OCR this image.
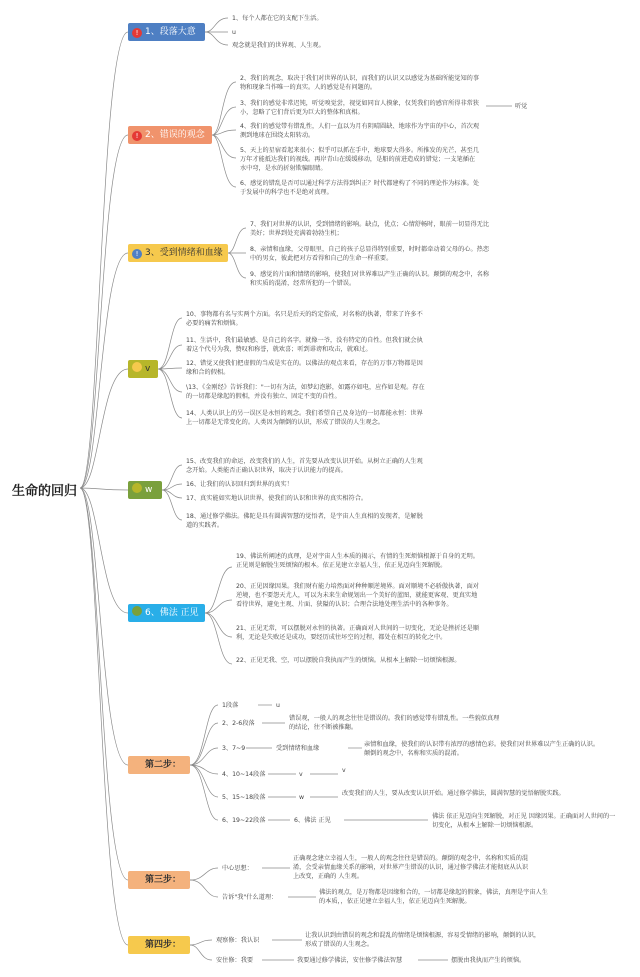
生命的回归
! 1、段落大意
1、每个人都在它的支配下生活。
u
观念就是我们的世界观、人生观。
! 2、错误的观念
2、我们的观念，取决于我们对世界的认识，而我们的认识又以感觉为基础所能觉知的事物和现象当作唯一的真实。人的感觉是有问题的。
3、我们的感觉非常迟钝，听觉嗅觉尝，视觉如同盲人摸象，仅凭我们的感官所得非常狭小，忽略了它们背后更为巨大的整体和真相。
4、我们的感觉带有错乱性，人们一直以为月有阴晴圆缺、地球作为宇宙的中心，首次观测到地球在围绕太阳转动。
5、天上的星宿看起来很小；似乎可以抓在手中，地球要大得多。所推发的光芒，甚至几万年才能抵达我们的视线。再岸青山在缓缓移动，是船的前进造成的错觉；一支笔插在水中弯，是水的折射欺骗眼睛。
6、感觉的错乱是否可以通过科学方法得到纠正？时代都建构了不同的理论作为标准。处于发展中的科学也不是绝对真理。
听觉
! 3、受到情绪和血缘
7、我们对世界的认识，受到情绪的影响。缺点，优点；心情舒畅时，眼前一切显得无比美好；世界到处充满着勃勃生机；
8、亲情和血缘，父母眼里，自己的孩子总显得特别重要，时时都牵动着父母的心。热恋中的男女，彼此把对方看得和自己的生命一样重要。
9、感觉的片面和情绪的影响，使我们对世界难以产生正确的认识。颠倒的观念中，名称和实质的混淆，经常所犯的一个错误。
v
10、事物都有名与实两个方面。名只是后天的约定俗成，对名称的执著，带来了许多不必要的痛苦和烦恼。
11、生活中，我们最敏感、是自己的名字。就像一爷，没有特定的自性。但我们就会执着这个代号为我，赞叹和称誉，就欢喜；听到诽谤和攻击，就难过。
12、错觉又使我们把虚假的当成是实在的。以佛法的观点来看，存在的万事万物都是因缘和合的假相。
\13、《金刚经》告诉我们："一切有为法，如梦幻泡影，如露亦如电，应作如是观。存在的一切都是缘起的假相，并没有独立、固定不变的自性。
14、人类认识上的另一误区是永恒的观念。我们希望自己及身边的一切都能永恒：世界上一切都是无常变化的。人类因为颠倒的认识，形成了错误的人生观念。
w
15、改变我们的命运，改变我们的人生，首先要从改变认识开始。从树立正确的人生观念开始。人类能否正确认识世界，取决于认识能力的提高。
16、让我们的认识回归到世界的真实！
17、真实能如实地认识世界，使我们的认识和世界的真实相符合。
18、通过修学佛法。佛陀是具有圆满智慧的觉悟者，是宇宙人生真相的发现者，是解脱道的实践者。
6、佛法 正见
19、佛法所阐述的真理，是对宇宙人生本质的揭示，有情的生死烦恼根源于自身的无明。正见则是解脱生死烦恼的根本。依正见建立幸福人生，依正见迈向生死解脱。
20、正见因缘因果。我们财有能力培然面对种种顺逆境界。面对顺境不必骄傲执著，面对逆境，也不要怨天尤人，可以为未来生命规划出一个美好的蓝图，就能更客观、更真实地看待世界，避免主观、片面、狭隘的认识；合理合法地处理生活中的各种事务。
21、正见无常，可以摆脱对永恒的执著。正确面对人世间的一切变化，无论是挫折还是顺利，无论是失败还是成功，要经历成往坏空的过程，都处在相互的转化之中。
22、正见无我、空，可以摆脱自我执而产生的烦恼。从根本上解除一切烦恼根源。
第二步：
1段落	u
2、2-6段落
错误观，一般人的观念往往是错误的。我们的感觉带有错乱性。一些貌似真理的结论，往不断被推翻。
3、7~9	受到情绪和血缘
亲情和血缘，使我们的认识带有浓厚的感情色彩。使我们对世界难以产生正确的认识。颠倒的观念中，名称和实质的混淆。
4、10~14段落	v
v
5、15~18段落	w
改变我们的人生，要从改变认识开始。通过修学佛法，圆满智慧的觉悟解脱实践。
6、19~22段落	6、佛法 正见
佛法 依正见迈向生死解脱，对正见 因缘因果。正确面对人世间的一切变化，从根本上解除一切烦恼根源。
第三步：
中心思想：
正确观念建立幸福人生，一般人的观念往往是错误的。颠倒的观念中，名称和实质的混淆，会受亲情血缘关系的影响，对世界产生错误的认识，通过修学佛法才能彻底从认识上改变，正确的 人生观。
告诉"我"什么道理：
佛法的观点，是万物都是因缘和合的，一切都是缘起的假象，佛法，真理是宇宙人生的本质，，依正见建立幸福人生，依正见迈向生死解脱。
第四步：	观察修：我认识
让我认识到由错误的观念和混乱的情绪是烦恼根源，容易受情绪的影响，颠倒的认识，形成了错误的人生观念。
安住修：我要	我要通过修学佛法，安住修学佛法智慧	摆脱由我执而产生的烦恼。
